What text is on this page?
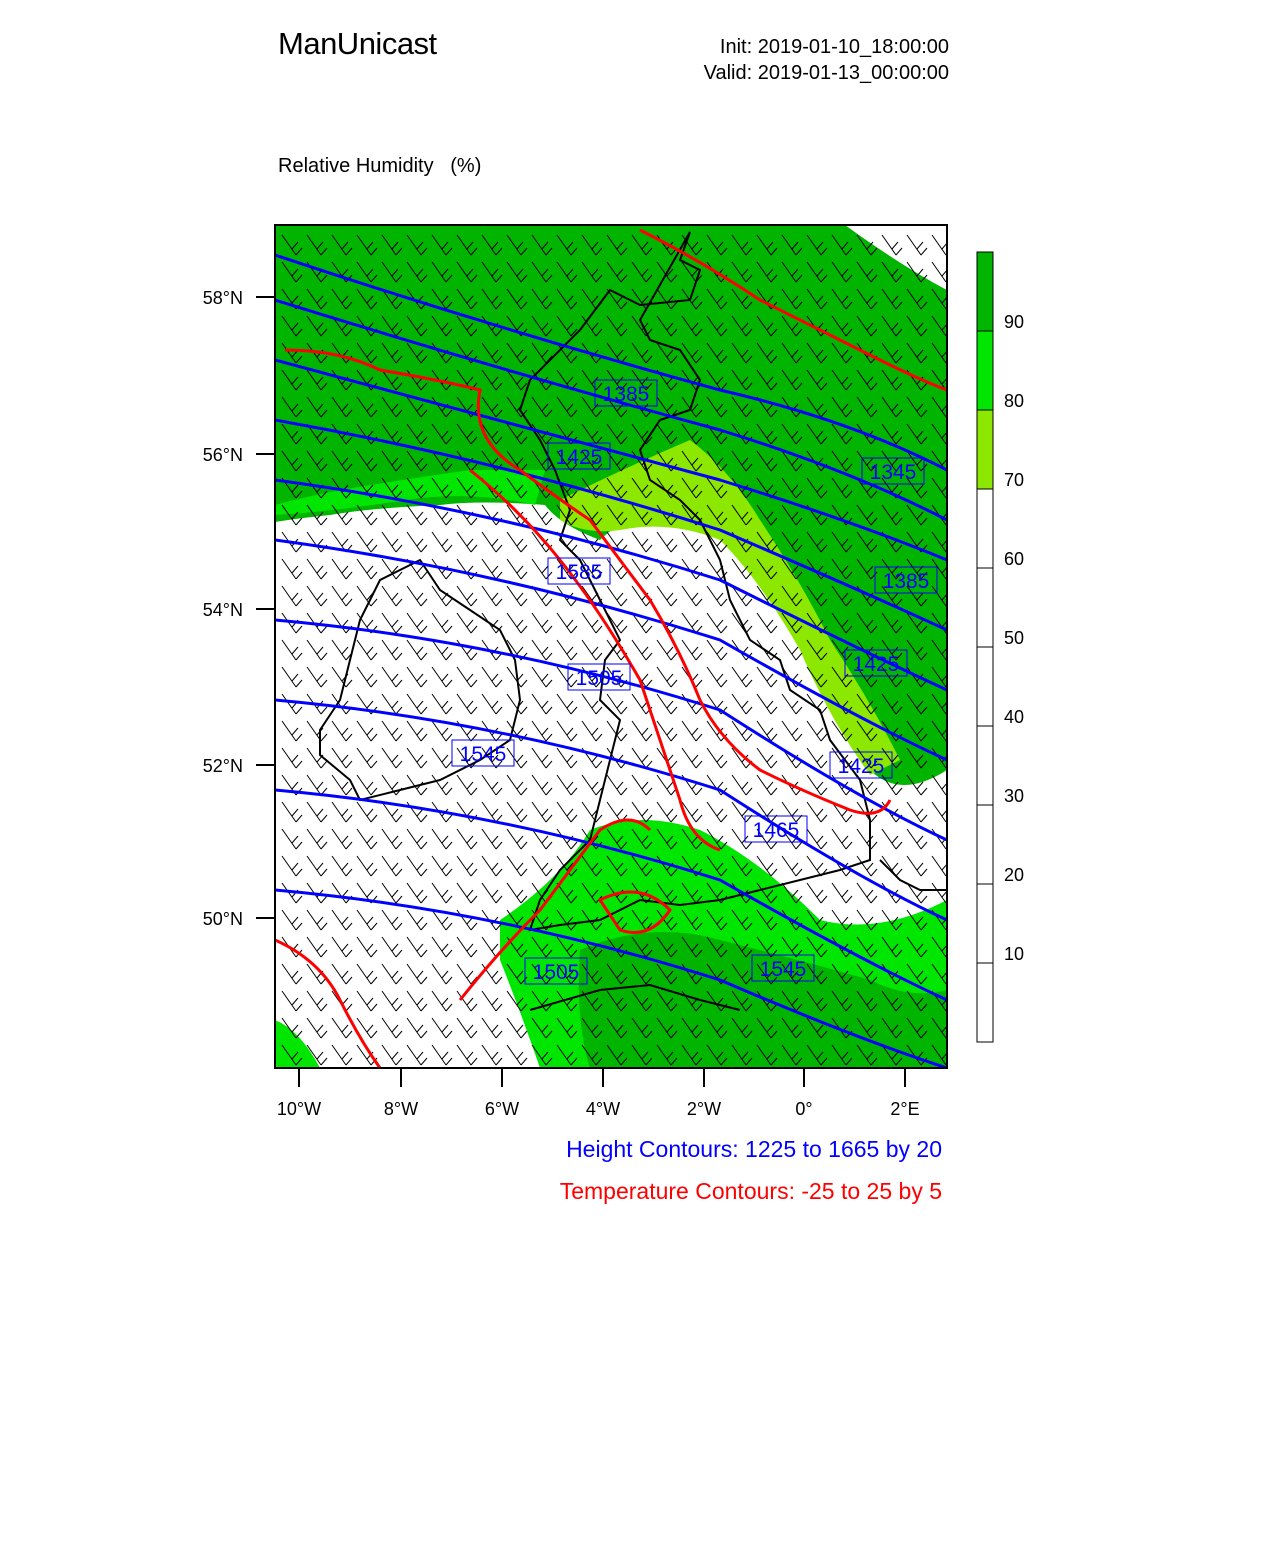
ManUnicast	Init: 2019-01-10_18:00:00
Valid: 2019-01-13_00:00:00

Relative Humidity   (%)

1385
1345
1425
1385
1425
1465
1505
1545
1545
1505
1585
1425
58°N
56°N
54°N
52°N
50°N
10°W	8°W	6°W	4°W	2°W	0°	2°E
90
80
70
60
50
40
30
20
10
Height Contours: 1225 to 1665 by 20
Temperature Contours: -25 to 25 by 5
